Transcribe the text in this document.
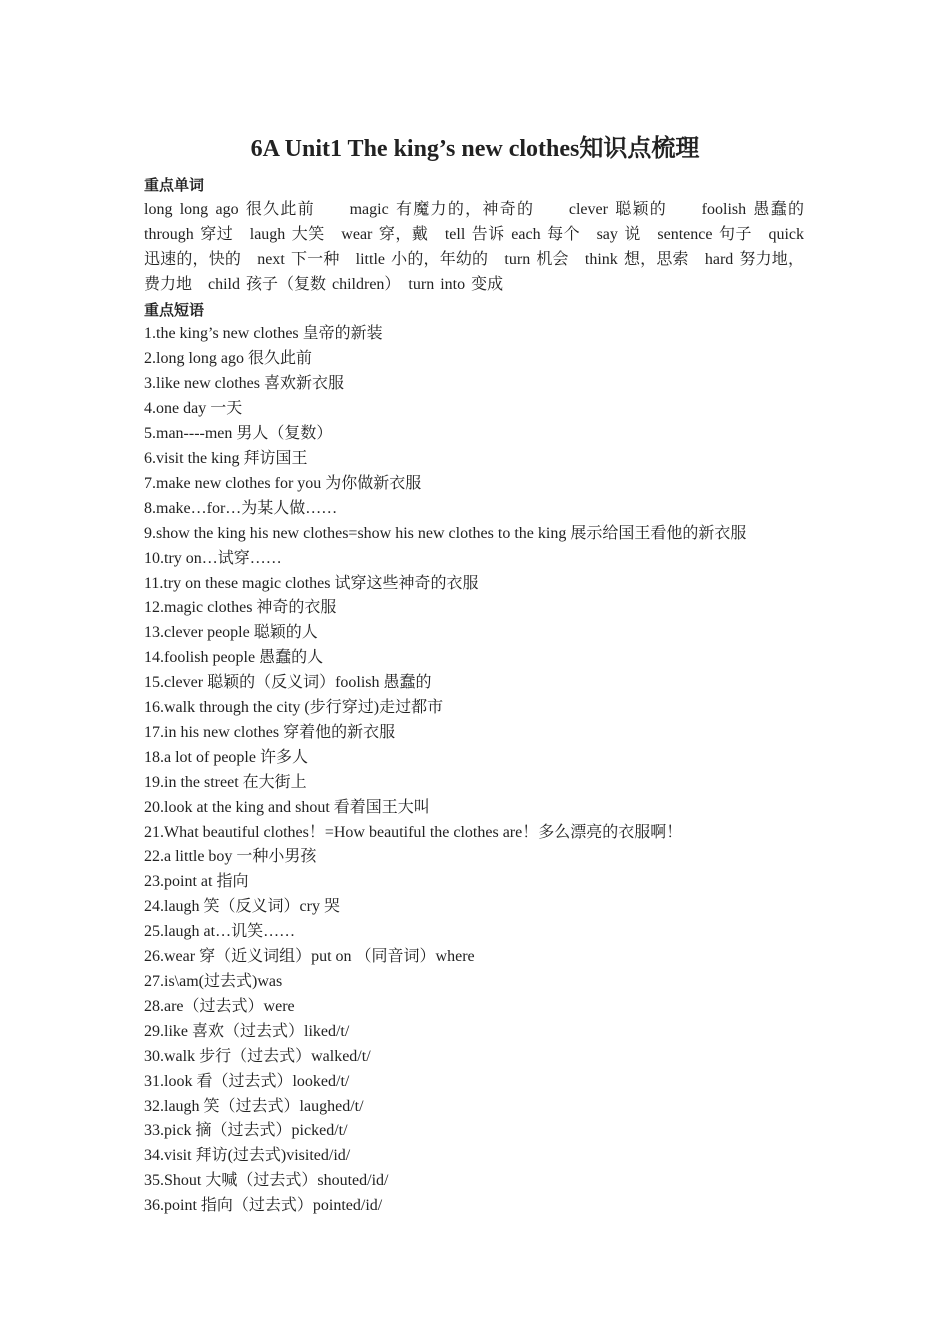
6A Unit1 The king’s new clothes知识点梳理
重点单词
long long ago 很久此前　　magic 有魔力的，神奇的　　clever 聪颖的　　foolish 愚蠢的　through 穿过　laugh 大笑　wear 穿，戴　tell 告诉 each 每个　say 说　sentence 句子　quick 迅速的，快的　next 下一种　little 小的，年幼的　turn 机会　think 想，思索　hard 努力地，费力地　child 孩子（复数 children）　turn into 变成
重点短语
1.the king’s new clothes 皇帝的新装
2.long long ago 很久此前
3.like new clothes 喜欢新衣服
4.one day 一天
5.man----men 男人（复数）
6.visit the king 拜访国王
7.make new clothes for you 为你做新衣服
8.make…for…为某人做……
9.show the king his new clothes=show his new clothes to the king 展示给国王看他的新衣服
10.try on…试穿……
11.try on these magic clothes 试穿这些神奇的衣服
12.magic clothes 神奇的衣服
13.clever people 聪颖的人
14.foolish people 愚蠢的人
15.clever 聪颖的（反义词）foolish 愚蠢的
16.walk through the city (步行穿过)走过都市
17.in his new clothes 穿着他的新衣服
18.a lot of people 许多人
19.in the street 在大街上
20.look at the king and shout 看着国王大叫
21.What beautiful clothes！=How beautiful the clothes are！多么漂亮的衣服啊！
22.a little boy 一种小男孩
23.point at 指向
24.laugh 笑（反义词）cry 哭
25.laugh at…讥笑……
26.wear 穿（近义词组）put on （同音词）where
27.is\am(过去式)was
28.are（过去式）were
29.like 喜欢（过去式）liked/t/
30.walk 步行（过去式）walked/t/
31.look 看（过去式）looked/t/
32.laugh 笑（过去式）laughed/t/
33.pick 摘（过去式）picked/t/
34.visit 拜访(过去式)visited/id/
35.Shout 大喊（过去式）shouted/id/
36.point 指向（过去式）pointed/id/
